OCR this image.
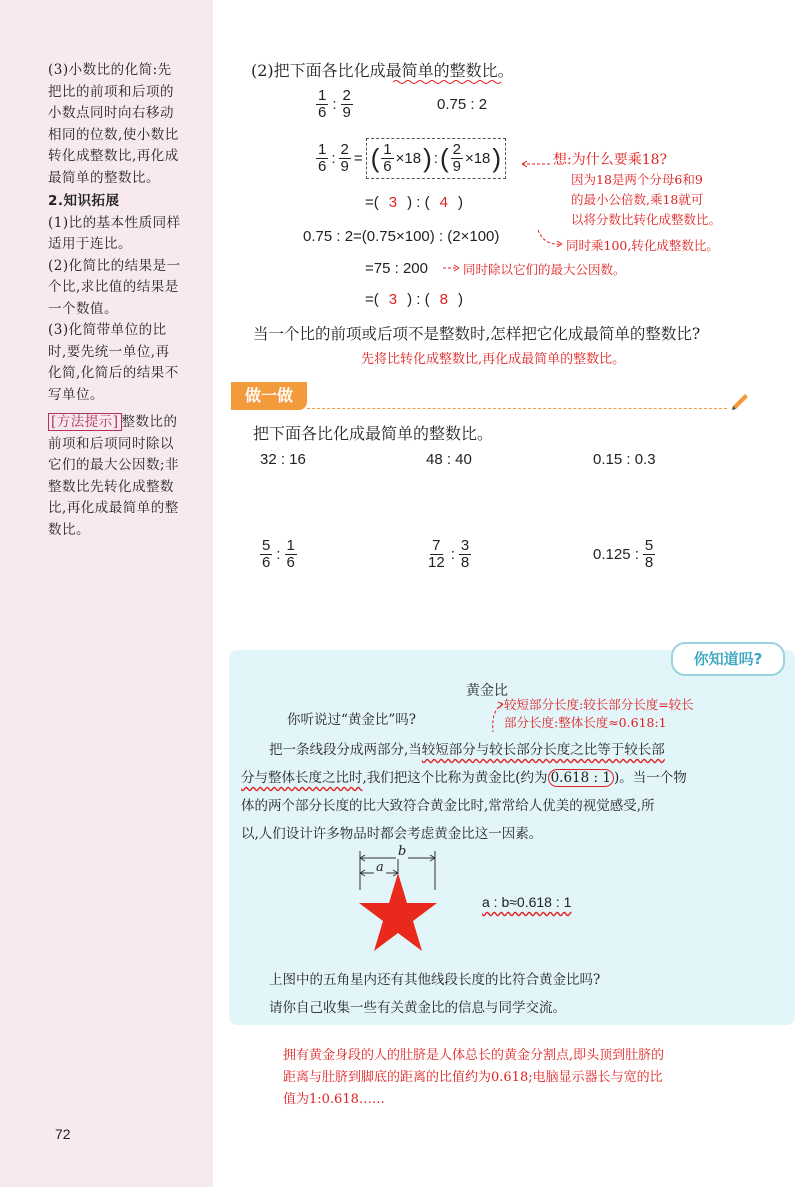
(3)小数比的化简:先

把比的前项和后项的

小数点同时向右移动

相同的位数,使小数比

转化成整数比,再化成

最简单的整数比。

2.知识拓展

(1)比的基本性质同样

适用于连比。

(2)化简比的结果是一

个比,求比值的结果是

一个数值。

(3)化简带单位的比

时,要先统一单位,再

化简,化简后的结果不

写单位。

[方法提示] 整数比的

前项和后项同时除以

它们的最大公因数;非

整数比先转化成整数

比,再化成最简单的整

数比。

72
(2)把下面各比化成最简单的整数比。
$\frac{1}{6}$ : $\frac{2}{9}$	0.75 : 2
$\frac{1}{6}$ : $\frac{2}{9}$ = ( $\frac{1}{6} \times 18$ ) : ( $\frac{2}{9} \times 18$ )	想:为什么要乘18?
因为18是两个分母6和9
的最小公倍数,乘18就可
以将分数比转化成整数比。
=( 3 ) : ( 4 )
0.75 : 2=(0.75×100) : (2×100)
同时乘100,转化成整数比。
=75 : 200	同时除以它们的最大公因数。
=( 3 ) : ( 8 )
当一个比的前项或后项不是整数时,怎样把它化成最简单的整数比?
先将比转化成整数比,再化成最简单的整数比。
做一做
把下面各比化成最简单的整数比。
32 : 16	48 : 40	0.15 : 0.3
$\frac{5}{6}$ : $\frac{1}{6}$	$\frac{7}{12}$ : $\frac{3}{8}$	0.125 : $\frac{5}{8}$
你知道吗?
黄金比
你听说过“黄金比”吗?
较短部分长度:较长部分长度=较长
部分长度:整体长度≈0.618:1
把一条线段分成两部分,当较短部分与较长部分长度之比等于较长部
分与整体长度之比时,我们把这个比称为黄金比(约为 0.618 : 1 )。当一个物
体的两个部分长度的比大致符合黄金比时,常常给人优美的视觉感受,所
以,人们设计许多物品时都会考虑黄金比这一因素。
b
a
a : b≈0.618 : 1
上图中的五角星内还有其他线段长度的比符合黄金比吗?
请你自己收集一些有关黄金比的信息与同学交流。
拥有黄金身段的人的肚脐是人体总长的黄金分割点,即头顶到肚脐的
距离与肚脐到脚底的距离的比值约为0.618;电脑显示器长与宽的比
值为1:0.618……
